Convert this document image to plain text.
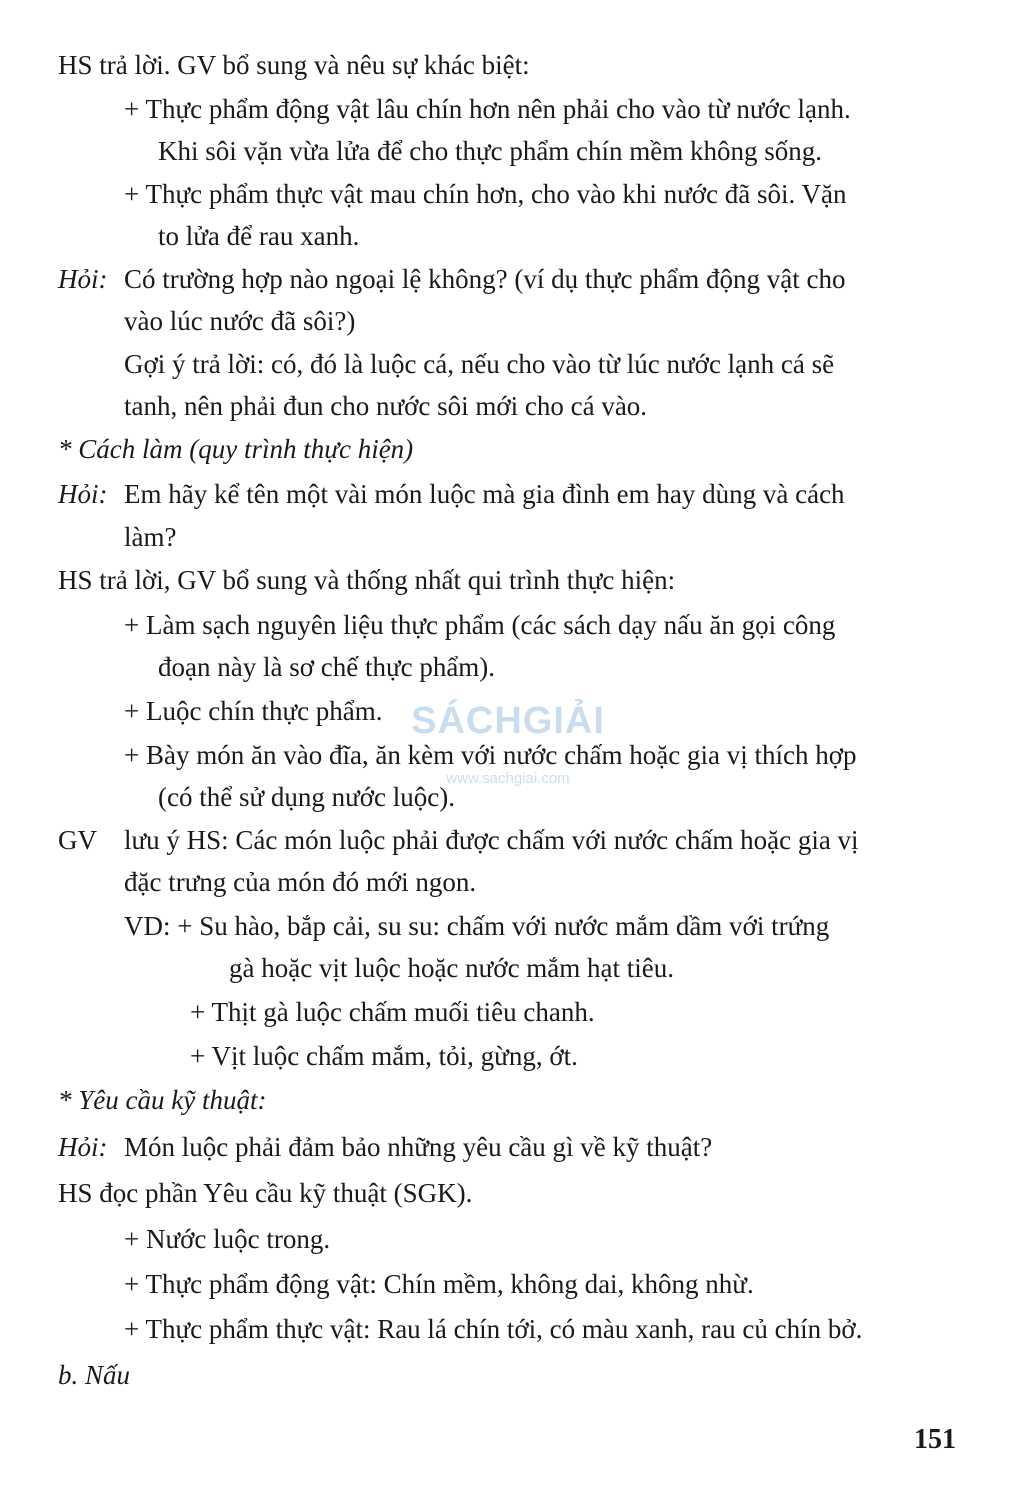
HS trả lời. GV bổ sung và nêu sự khác biệt:

+ Thực phẩm động vật lâu chín hơn nên phải cho vào từ nước lạnh.

Khi sôi vặn vừa lửa để cho thực phẩm chín mềm không sống.

+ Thực phẩm thực vật mau chín hơn, cho vào khi nước đã sôi. Vặn

to lửa để rau xanh.

Hỏi: Có trường hợp nào ngoại lệ không? (ví dụ thực phẩm động vật cho

vào lúc nước đã sôi?)

Gợi ý trả lời: có, đó là luộc cá, nếu cho vào từ lúc nước lạnh cá sẽ

tanh, nên phải đun cho nước sôi mới cho cá vào.

* Cách làm (quy trình thực hiện)

Hỏi: Em hãy kể tên một vài món luộc mà gia đình em hay dùng và cách

làm?

HS trả lời, GV bổ sung và thống nhất qui trình thực hiện:

+ Làm sạch nguyên liệu thực phẩm (các sách dạy nấu ăn gọi công

đoạn này là sơ chế thực phẩm).

+ Luộc chín thực phẩm.

+ Bày món ăn vào đĩa, ăn kèm với nước chấm hoặc gia vị thích hợp

(có thể sử dụng nước luộc).

GV lưu ý HS: Các món luộc phải được chấm với nước chấm hoặc gia vị

đặc trưng của món đó mới ngon.

VD: + Su hào, bắp cải, su su: chấm với nước mắm dầm với trứng

gà hoặc vịt luộc hoặc nước mắm hạt tiêu.

+ Thịt gà luộc chấm muối tiêu chanh.

+ Vịt luộc chấm mắm, tỏi, gừng, ớt.

* Yêu cầu kỹ thuật:

Hỏi: Món luộc phải đảm bảo những yêu cầu gì về kỹ thuật?

HS đọc phần Yêu cầu kỹ thuật (SGK).

+ Nước luộc trong.

+ Thực phẩm động vật: Chín mềm, không dai, không nhừ.

+ Thực phẩm thực vật: Rau lá chín tới, có màu xanh, rau củ chín bở.

b. Nấu

151
SÁCHGIẢI
www.sachgiai.com
